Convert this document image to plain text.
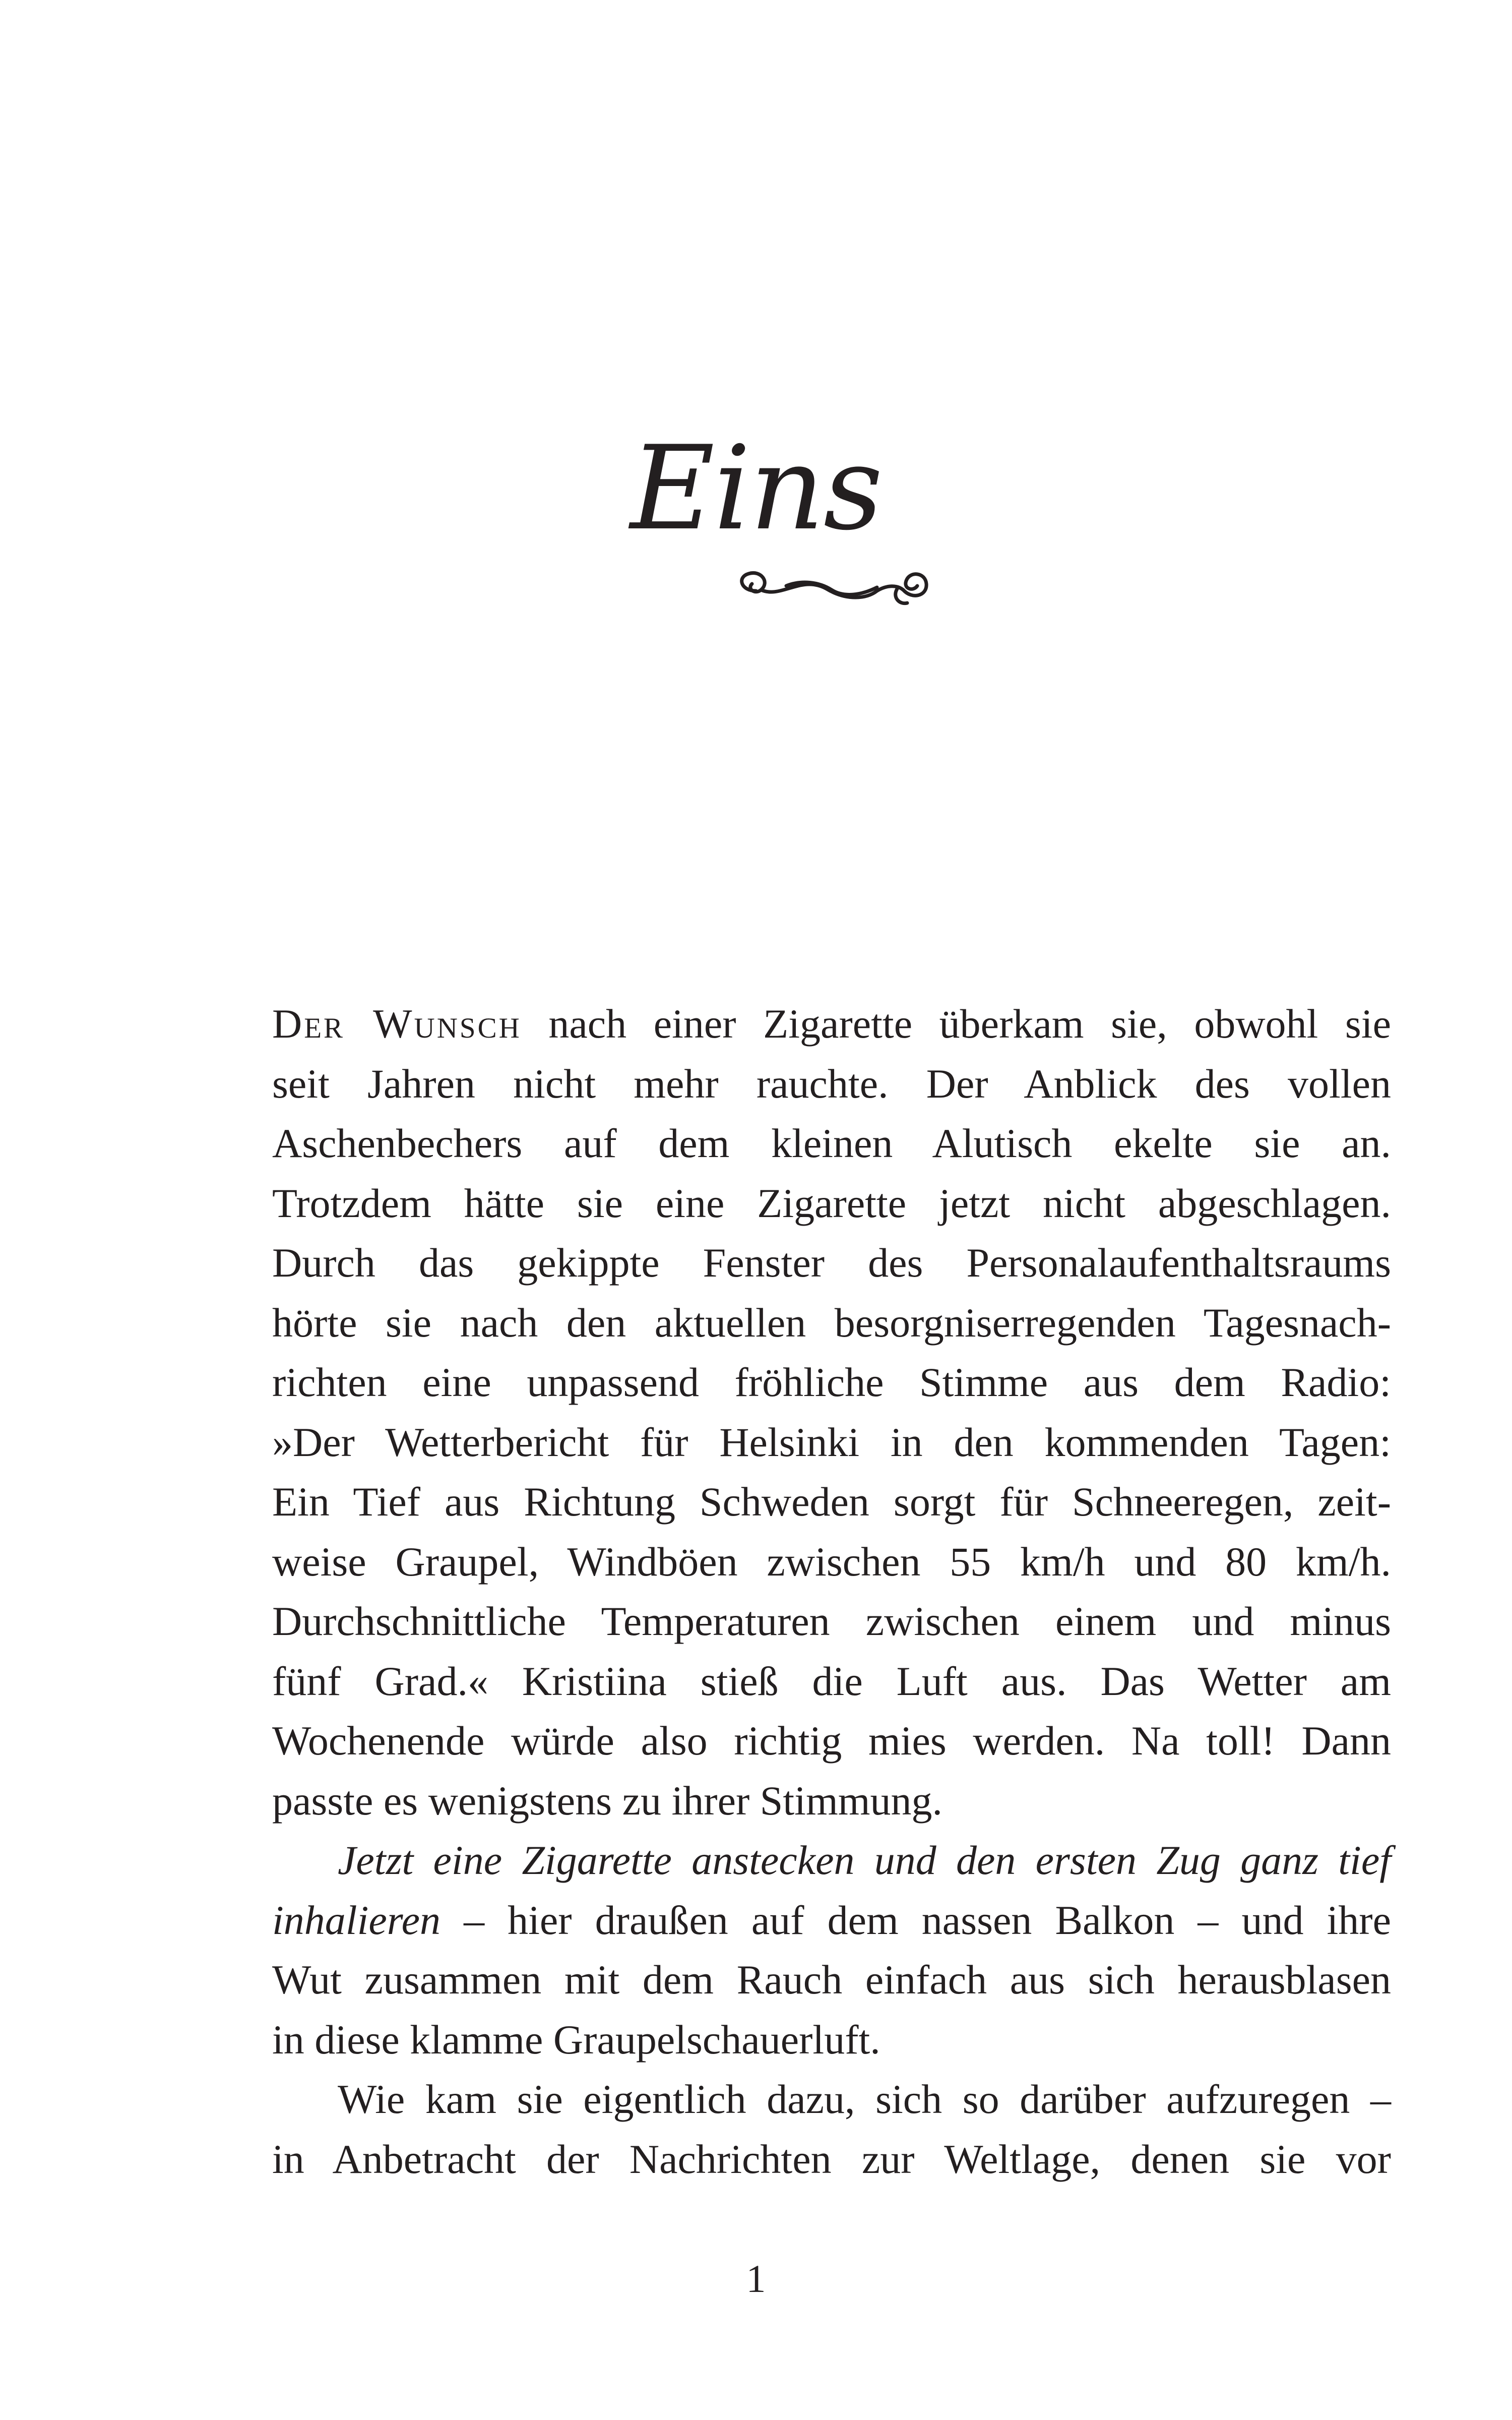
Eins
Der Wunsch nach einer Zigarette überkam sie, obwohl sie
seit Jahren nicht mehr rauchte. Der Anblick des vollen
Aschenbechers auf dem kleinen Alutisch ekelte sie an.
Trotzdem hätte sie eine Zigarette jetzt nicht abgeschlagen.
Durch das gekippte Fenster des Personalaufenthaltsraums
hörte sie nach den aktuellen besorgniserregenden Tagesnach-
richten eine unpassend fröhliche Stimme aus dem Radio:
»Der Wetterbericht für Helsinki in den kommenden Tagen:
Ein Tief aus Richtung Schweden sorgt für Schneeregen, zeit-
weise Graupel, Windböen zwischen 55 km/h und 80 km/h.
Durchschnittliche Temperaturen zwischen einem und minus
fünf Grad.« Kristiina stieß die Luft aus. Das Wetter am
Wochenende würde also richtig mies werden. Na toll! Dann
passte es wenigstens zu ihrer Stimmung.
Jetzt eine Zigarette anstecken und den ersten Zug ganz tief
inhalieren – hier draußen auf dem nassen Balkon – und ihre
Wut zusammen mit dem Rauch einfach aus sich herausblasen
in diese klamme Graupelschauerluft.
Wie kam sie eigentlich dazu, sich so darüber aufzuregen –
in Anbetracht der Nachrichten zur Weltlage, denen sie vor
1
